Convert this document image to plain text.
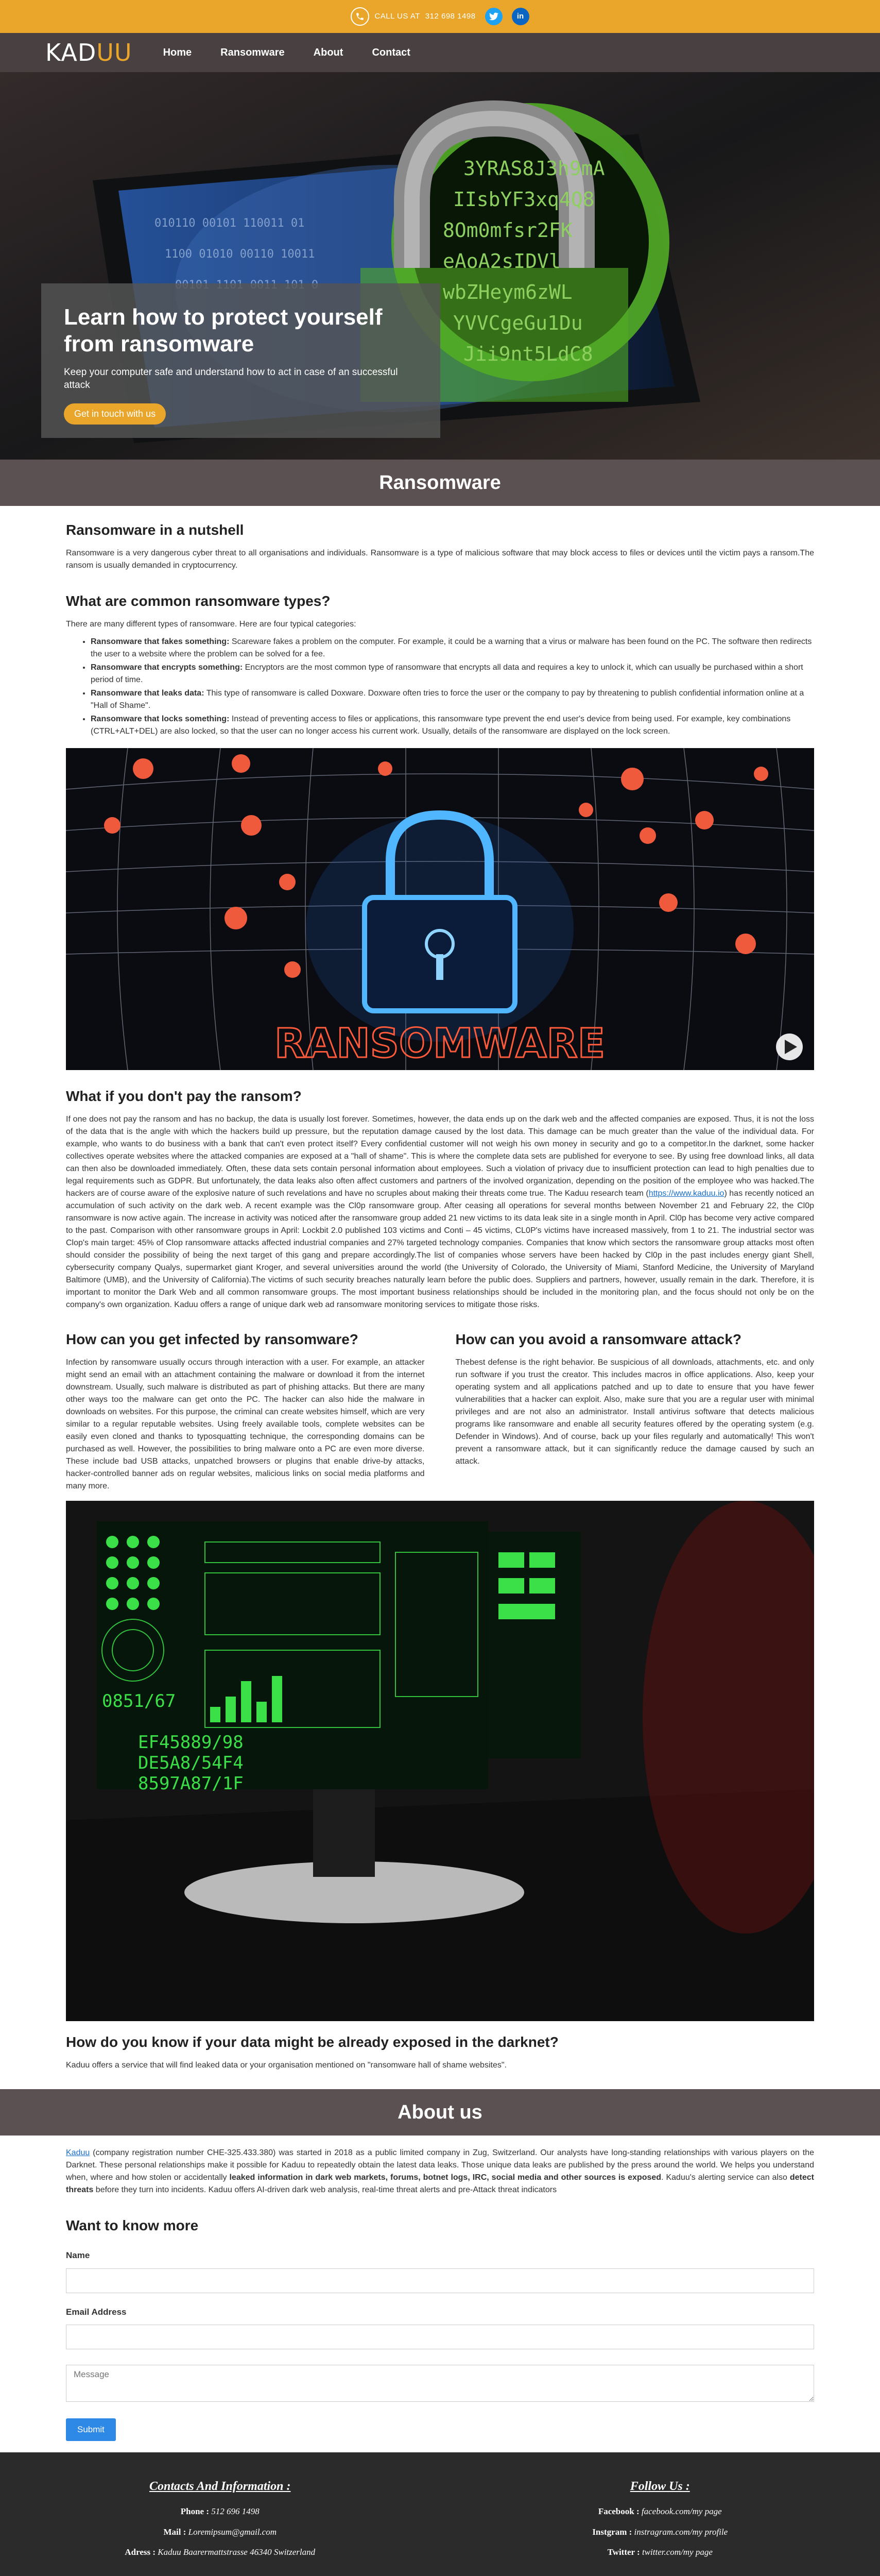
CALL US AT 312 698 1498	in
KADUU	Home	Ransomware	About	Contact
3YRAS8J3h9mA
IIsbYF3xq4Q8
8Om0mfsr2FK
eAoA2sIDVl
wbZHeym6zWL
YVVCgeGu1Du
Jii9nt5LdC8
010110 00101 110011 01
1100 01010 00110 10011
Learn how to protect yourself from ransomware

Keep your computer safe and understand how to act in case of an successful attack

Get in touch with us
Ransomware
Ransomware in a nutshell

Ransomware is a very dangerous cyber threat to all organisations and individuals. Ransomware is a type of malicious software that may block access to files or devices until the victim pays a ransom.The ransom is usually demanded in cryptocurrency.

What are common ransomware types?

There are many different types of ransomware. Here are four typical categories:

• Ransomware that fakes something: Scareware fakes a problem on the computer. For example, it could be a warning that a virus or malware has been found on the PC. The software then redirects the user to a website where the problem can be solved for a fee.
• Ransomware that encrypts something: Encryptors are the most common type of ransomware that encrypts all data and requires a key to unlock it, which can usually be purchased within a short period of time.
• Ransomware that leaks data: This type of ransomware is called Doxware. Doxware often tries to force the user or the company to pay by threatening to publish confidential information online at a "Hall of Shame".
• Ransomware that locks something: Instead of preventing access to files or applications, this ransomware type prevent the end user's device from being used. For example, key combinations (CTRL+ALT+DEL) are also locked, so that the user can no longer access his current work. Usually, details of the ransomware are displayed on the lock screen.
RANSOMWARE
What if you don't pay the ransom?

If one does not pay the ransom and has no backup, the data is usually lost forever. Sometimes, however, the data ends up on the dark web and the affected companies are exposed. Thus, it is not the loss of the data that is the angle with which the hackers build up pressure, but the reputation damage caused by the lost data. This damage can be much greater than the value of the individual data. For example, who wants to do business with a bank that can't even protect itself? Every confidential customer will not weigh his own money in security and go to a competitor.In the darknet, some hacker collectives operate websites where the attacked companies are exposed at a "hall of shame". This is where the complete data sets are published for everyone to see. By using free download links, all data can then also be downloaded immediately. Often, these data sets contain personal information about employees. Such a violation of privacy due to insufficient protection can lead to high penalties due to legal requirements such as GDPR. But unfortunately, the data leaks also often affect customers and partners of the involved organization, depending on the position of the employee who was hacked.The hackers are of course aware of the explosive nature of such revelations and have no scruples about making their threats come true. The Kaduu research team (https://www.kaduu.io) has recently noticed an accumulation of such activity on the dark web. A recent example was the Cl0p ransomware group. After ceasing all operations for several months between November 21 and February 22, the Cl0p ransomware is now active again. The increase in activity was noticed after the ransomware group added 21 new victims to its data leak site in a single month in April. Cl0p has become very active compared to the past. Comparison with other ransomware groups in April: Lockbit 2.0 published 103 victims and Conti – 45 victims, CL0P's victims have increased massively, from 1 to 21. The industrial sector was Clop's main target: 45% of Clop ransomware attacks affected industrial companies and 27% targeted technology companies. Companies that know which sectors the ransomware group attacks most often should consider the possibility of being the next target of this gang and prepare accordingly.The list of companies whose servers have been hacked by Cl0p in the past includes energy giant Shell, cybersecurity company Qualys, supermarket giant Kroger, and several universities around the world (the University of Colorado, the University of Miami, Stanford Medicine, the University of Maryland Baltimore (UMB), and the University of California).The victims of such security breaches naturally learn before the public does. Suppliers and partners, however, usually remain in the dark. Therefore, it is important to monitor the Dark Web and all common ransomware groups. The most important business relationships should be included in the monitoring plan, and the focus should not only be on the company's own organization. Kaduu offers a range of unique dark web ad ransomware monitoring services to mitigate those risks.

How can you get infected by ransomware?

Infection by ransomware usually occurs through interaction with a user. For example, an attacker might send an email with an attachment containing the malware or download it from the internet downstream. Usually, such malware is distributed as part of phishing attacks. But there are many other ways too the malware can get onto the PC. The hacker can also hide the malware in downloads on websites. For this purpose, the criminal can create websites himself, which are very similar to a regular reputable websites. Using freely available tools, complete websites can be easily even cloned and thanks to typosquatting technique, the corresponding domains can be purchased as well. However, the possibilities to bring malware onto a PC are even more diverse. These include bad USB attacks, unpatched browsers or plugins that enable drive-by attacks, hacker-controlled banner ads on regular websites, malicious links on social media platforms and many more.

How can you avoid a ransomware attack?

Thebest defense is the right behavior. Be suspicious of all downloads, attachments, etc. and only run software if you trust the creator. This includes macros in office applications. Also, keep your operating system and all applications patched and up to date to ensure that you have fewer vulnerabilities that a hacker can exploit. Also, make sure that you are a regular user with minimal privileges and are not also an administrator. Install antivirus software that detects malicious programs like ransomware and enable all security features offered by the operating system (e.g. Defender in Windows). And of course, back up your files regularly and automatically! This won't prevent a ransomware attack, but it can significantly reduce the damage caused by such an attack.

EF45889/98
DE5A8/54F4
8597A87/1F
0851/67
How do you know if your data might be already exposed in the darknet?

Kaduu offers a service that will find leaked data or your organisation mentioned on "ransomware hall of shame websites".

About us

Kaduu (company registration number CHE-325.433.380) was started in 2018 as a public limited company in Zug, Switzerland. Our analysts have long-standing relationships with various players on the Darknet. These personal relationships make it possible for Kaduu to repeatedly obtain the latest data leaks. Those unique data leaks are published by the press around the world. We helps you understand when, where and how stolen or accidentally leaked information in dark web markets, forums, botnet logs, IRC, social media and other sources is exposed. Kaduu's alerting service can also detect threats before they turn into incidents. Kaduu offers AI-driven dark web analysis, real-time threat alerts and pre-Attack threat indicators

Want to know more
Name
Email Address
Message Submit
Contacts And Information :

Phone : 512 696 1498

Mail : Loremipsum@gmail.com

Adress : Kaduu Baarermattstrasse 46340 Switzerland

Follow Us :

Facebook : facebook.com/my page

Instgram : instragram.com/my profile

Twitter : twitter.com/my page
